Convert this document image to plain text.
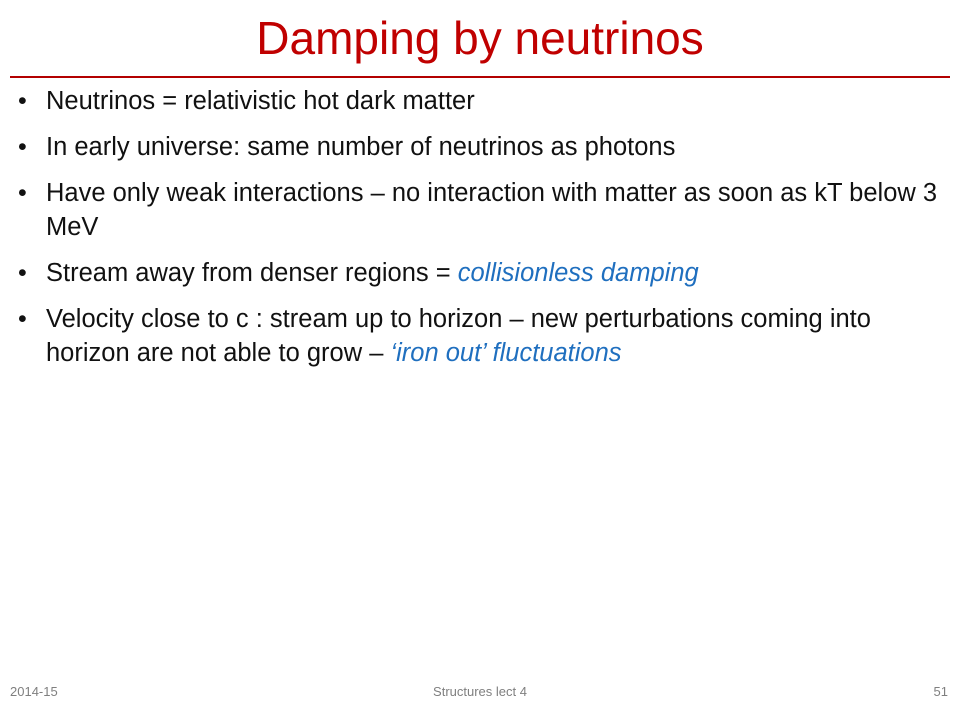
Damping by neutrinos
• Neutrinos = relativistic hot dark matter
• In early universe: same number of neutrinos as photons
• Have only weak interactions – no interaction with matter as soon as kT below 3 MeV
• Stream away from denser regions = collisionless damping
• Velocity close to c : stream up to horizon – new perturbations coming into horizon are not able to grow – ‘iron out’ fluctuations
2014-15	Structures lect 4	51
